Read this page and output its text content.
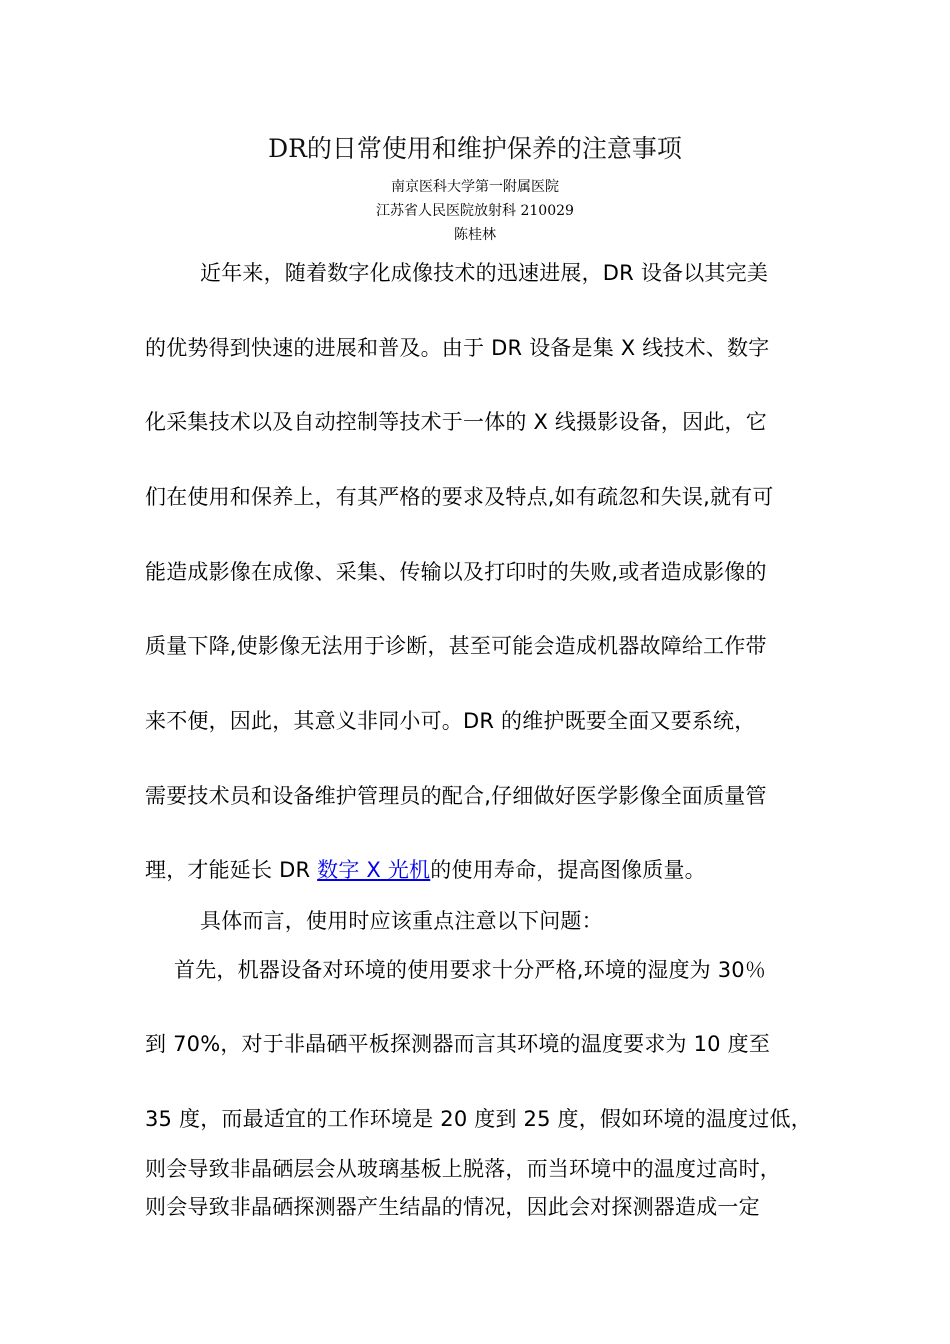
DR的日常使用和维护保养的注意事项
南京医科大学第一附属医院
江苏省人民医院放射科 210029
陈桂林
近年来，随着数字化成像技术的迅速进展，DR 设备以其完美
的优势得到快速的进展和普及。由于 DR 设备是集 X 线技术、数字
化采集技术以及自动控制等技术于一体的 X 线摄影设备，因此，它
们在使用和保养上，有其严格的要求及特点,如有疏忽和失误,就有可
能造成影像在成像、采集、传输以及打印时的失败,或者造成影像的
质量下降,使影像无法用于诊断，甚至可能会造成机器故障给工作带
来不便，因此，其意义非同小可。DR 的维护既要全面又要系统，
需要技术员和设备维护管理员的配合,仔细做好医学影像全面质量管
理，才能延长 DR 数字 X 光机的使用寿命，提高图像质量。
具体而言，使用时应该重点注意以下问题：
首先，机器设备对环境的使用要求十分严格,环境的湿度为 30％
到 70%，对于非晶硒平板探测器而言其环境的温度要求为 10 度至
35 度，而最适宜的工作环境是 20 度到 25 度，假如环境的温度过低，
则会导致非晶硒层会从玻璃基板上脱落，而当环境中的温度过高时，
则会导致非晶硒探测器产生结晶的情况，因此会对探测器造成一定
